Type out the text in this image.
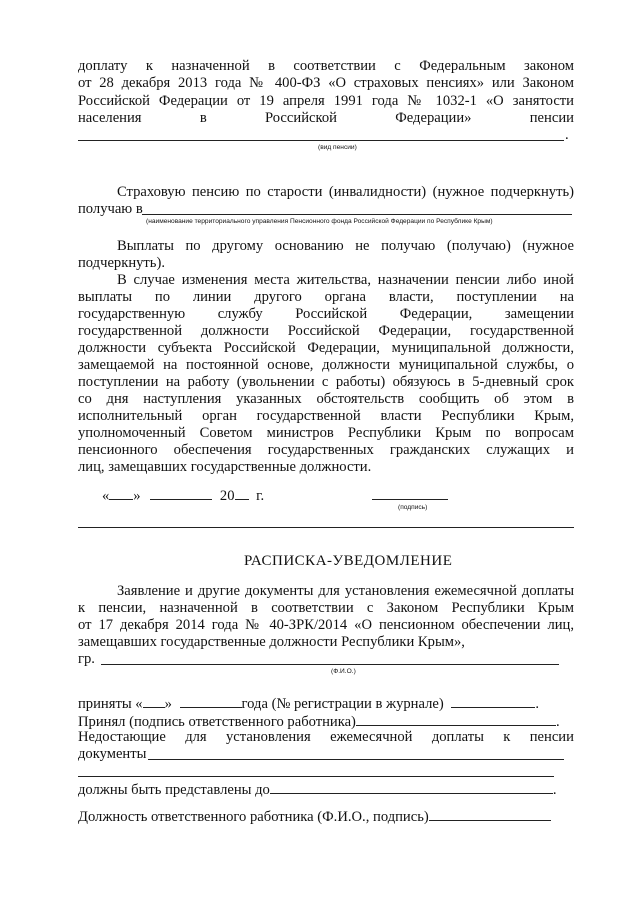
доплату к назначенной в соответствии с Федеральным законом
от 28 декабря 2013 года № 400-ФЗ «О страховых пенсиях» или Законом
Российской Федерации от 19 апреля 1991 года № 1032-1 «О занятости
населения	в	Российской	Федерации»	пенсии
.
(вид пенсии)
Страховую пенсию по старости (инвалидности) (нужное подчеркнуть)
получаю в
(наименование территориального управления Пенсионного фонда Российской Федерации по Республике Крым)
Выплаты по другому основанию не получаю (получаю) (нужное
подчеркнуть).
В случае изменения места жительства, назначении пенсии либо иной
выплаты по линии другого органа власти, поступлении на
государственную службу Российской Федерации, замещении
государственной должности Российской Федерации, государственной
должности субъекта Российской Федерации, муниципальной должности,
замещаемой на постоянной основе, должности муниципальной службы, о
поступлении на работу (увольнении с работы) обязуюсь в 5-дневный срок
со дня наступления указанных обстоятельств сообщить об этом в
исполнительный орган государственной власти Республики Крым,
уполномоченный Советом министров Республики Крым по вопросам
пенсионного обеспечения государственных гражданских служащих и
лиц, замещавших государственные должности.
« »	20 г.
(подпись)
РАСПИСКА-УВЕДОМЛЕНИЕ
Заявление и другие документы для установления ежемесячной доплаты
к пенсии, назначенной в соответствии с Законом Республики Крым
от 17 декабря 2014 года № 40-ЗРК/2014 «О пенсионном обеспечении лиц,
замещавших государственные должности Республики Крым»,
гр.
(Ф.И.О.)
приняты « »	года (№ регистрации в журнале)	.
Принял (подпись ответственного работника)	.
Недостающие для установления ежемесячной доплаты к пенсии
документы
должны быть представлены до	.
Должность ответственного работника (Ф.И.О., подпись)
